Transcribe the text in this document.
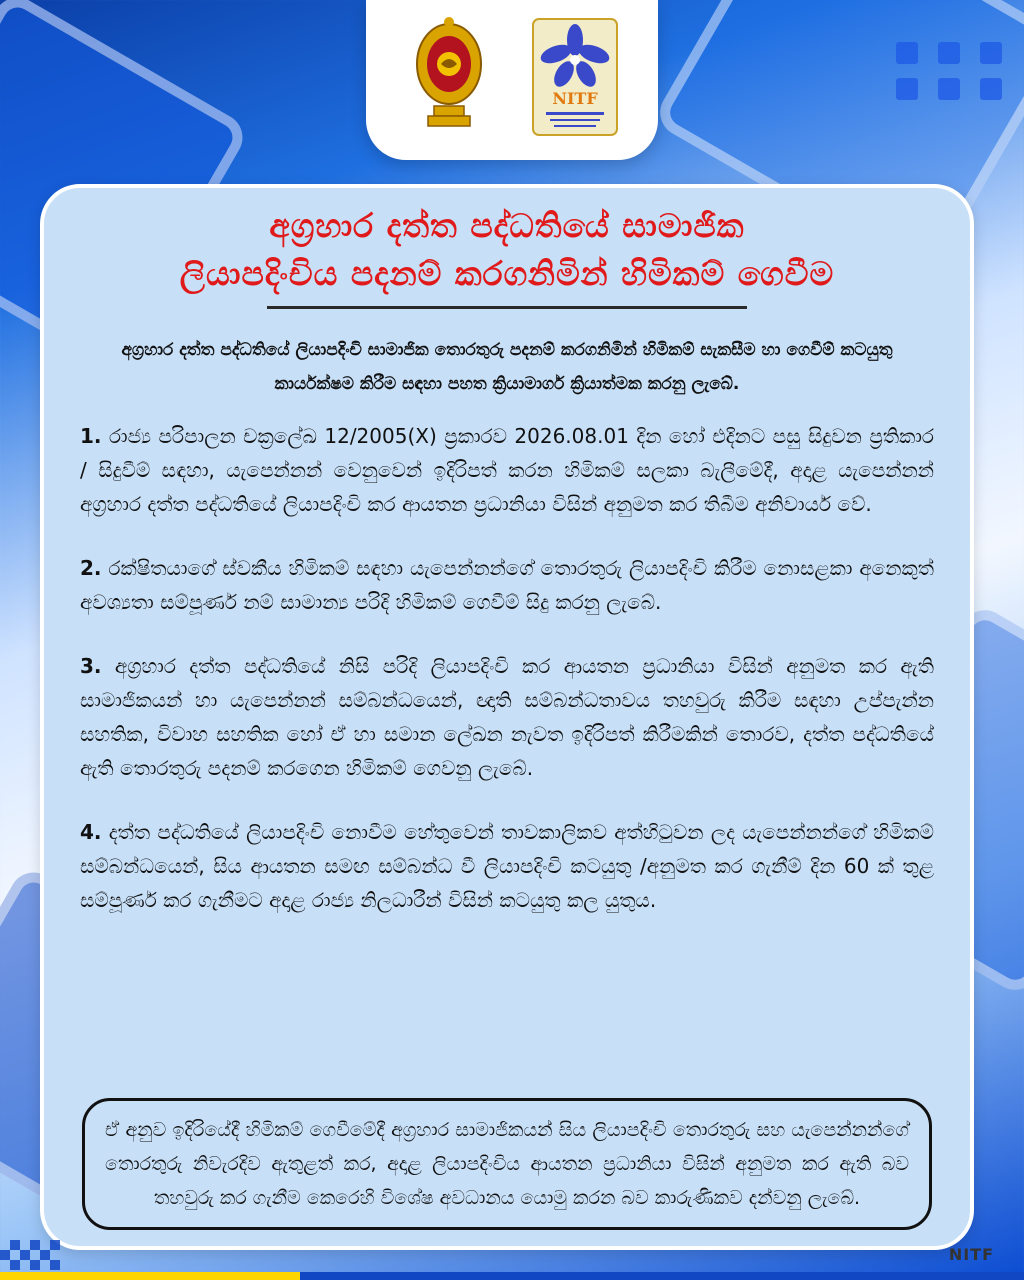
NITF
අග්‍රහාර දත්ත පද්ධතියේ සාමාජික
ලියාපදිංචිය පදනම් කරගනිමින් හිමිකම් ගෙවීම
අග්‍රහාර දත්ත පද්ධතියේ ලියාපදිංචි සාමාජික තොරතුරු පදනම් කරගනිමින් හිමිකම් සැකසීම හා ගෙවීම් කටයුතු කාර්යක්ෂම කිරීම සඳහා පහත ක්‍රියාමාර්ග ක්‍රියාත්මක කරනු ලැබේ.
1. රාජ්‍ය පරිපාලන චක්‍රලේඛ 12/2005(X) ප්‍රකාරව 2026.08.01 දින හෝ එදිනට පසු සිදුවන ප්‍රතිකාර / සිදුවීම් සඳහා, යැපෙන්නන් වෙනුවෙන් ඉදිරිපත් කරන හිමිකම් සලකා බැලීමේදී, අදාළ යැපෙන්නන් අග්‍රහාර දත්ත පද්ධතියේ ලියාපදිංචි කර ආයතන ප්‍රධානියා විසින් අනුමත කර තිබීම අනිවාර්ය වේ.
2. රක්ෂිතයාගේ ස්වකීය හිමිකම් සඳහා යැපෙන්නන්ගේ තොරතුරු ලියාපදිංචි කිරීම නොසළකා අනෙකුත් අවශ්‍යතා සම්පූර්ණ නම් සාමාන්‍ය පරිදි හිමිකම් ගෙවීම් සිදු කරනු ලැබේ.
3. අග්‍රහාර දත්ත පද්ධතියේ නිසි පරිදි ලියාපදිංචි කර ආයතන ප්‍රධානියා විසින් අනුමත කර ඇති සාමාජිකයන් හා යැපෙන්නන් සම්බන්ධයෙන්, ඥාති සම්බන්ධතාවය තහවුරු කිරීම සඳහා උප්පැන්න සහතික, විවාහ සහතික හෝ ඒ හා සමාන ලේඛන නැවත ඉදිරිපත් කිරීමකින් තොරව, දත්ත පද්ධතියේ ඇති තොරතුරු පදනම් කරගෙන හිමිකම් ගෙවනු ලැබේ.
4. දත්ත පද්ධතියේ ලියාපදිංචි නොවීම හේතුවෙන් තාවකාලිකව අත්හිටුවන ලද යැපෙන්නන්ගේ හිමිකම් සම්බන්ධයෙන්, සිය ආයතන සමඟ සම්බන්ධ වී ලියාපදිංචි කටයුතු /අනුමත කර ගැනීම් දින 60 ක් තුළ සම්පූර්ණ කර ගැනීමට අදාළ රාජ්‍ය නිලධාරීන් විසින් කටයුතු කල යුතුය.
ඒ අනුව ඉදිරියේදී හිමිකම් ගෙවීමේදී අග්‍රහාර සාමාජිකයන් සිය ලියාපදිංචි තොරතුරු සහ යැපෙන්නන්ගේ තොරතුරු නිවැරදිව ඇතුළත් කර, අදාළ ලියාපදිංචිය ආයතන ප්‍රධානියා විසින් අනුමත කර ඇති බව තහවුරු කර ගැනීම කෙරෙහි විශේෂ අවධානය යොමු කරන බව කාරුණිකව දන්වනු ලැබේ.
NITF
